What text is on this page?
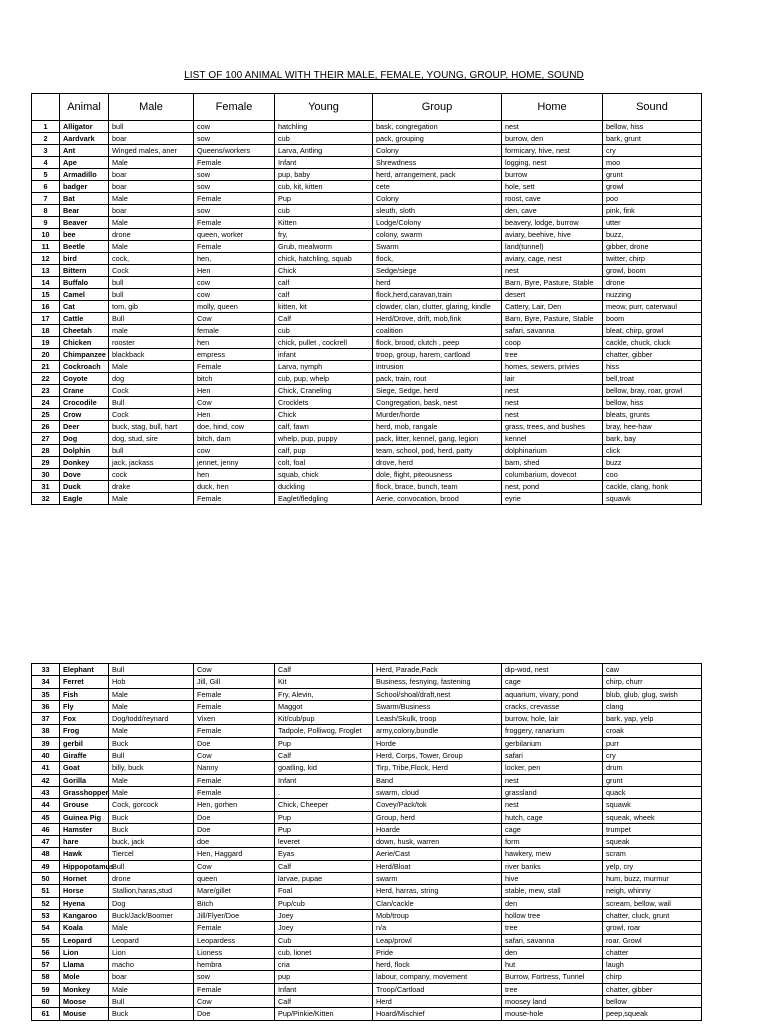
LIST OF 100 ANIMAL WITH THEIR MALE, FEMALE, YOUNG, GROUP, HOME, SOUND
	Animal	Male	Female	Young	Group	Home	Sound
1	Alligator	bull	cow	hatchling	bask, congregation	nest	bellow, hiss
2	Aardvark	boar	sow	cub	pack, grouping	burrow, den	bark, grunt
3	Ant	Winged males, aner	Queens/workers	Larva, Antling	Colony	formicary, hive, nest	cry
4	Ape	Male	Female	Infant	Shrewdness	logging, nest	moo
5	Armadillo	boar	sow	pup, baby	herd, arrangement, pack	burrow	grunt
6	badger	boar	sow	cub, kit, kitten	cete	hole, sett	growl
7	Bat	Male	Female	Pup	Colony	roost, cave	poo
8	Bear	boar	sow	cub	sleuth, sloth	den, cave	pink, fink
9	Beaver	Male	Female	Kitten	Lodge/Colony	beavery, lodge, burrow	utter
10	bee	drone	queen, worker	fry,	colony, swarm	aviary, beehive, hive	buzz,
11	Beetle	Male	Female	Grub, mealworm	Swarm	land(tunnel)	gibber, drone
12	bird	cock,	hen,	chick, hatchling, squab	flock,	aviary, cage, nest	twitter, chirp
13	Bittern	Cock	Hen	Chick	Sedge/siege	nest	growl, boom
14	Buffalo	bull	cow	calf	herd	Barn, Byre, Pasture, Stable	drone
15	Camel	bull	cow	calf	flock,herd,caravan,train	desert	nuzzing
16	Cat	tom, gib	molly, queen	kitten, kit	clowder, clan, clutter, glaring, kindle	Cattery, Lair, Den	meow, purr, caterwaul
17	Cattle	Bull	Cow	Calf	Herd/Drove, drift, mob,fink	Barn, Byre, Pasture, Stable	boom
18	Cheetah	male	female	cub	coalition	safari, savanna	bleat, chirp, growl
19	Chicken	rooster	hen	chick, pullet , cockrell	flock, brood, clutch , peep	coop	cackle, chuck, cluck
20	Chimpanzee	blackback	empress	infant	troop, group, harem, cartload	tree	chatter, gibber
21	Cockroach	Male	Female	Larva, nymph	intrusion	homes, sewers, privies	hiss
22	Coyote	dog	bitch	cub, pup, whelp	pack, train, rout	lair	bell,troat
23	Crane	Cock	Hen	Chick, Craneling	Siege, Sedge, herd	nest	bellow, bray, roar, growl
24	Crocodile	Bull	Cow	Crocklets	Congregation, bask, nest	nest	bellow, hiss
25	Crow	Cock	Hen	Chick	Murder/horde	nest	bleats, grunts
26	Deer	buck, stag, bull, hart	doe, hind, cow	calf, fawn	herd, mob, rangale	grass, trees, and bushes	bray, hee-haw
27	Dog	dog, stud, sire	bitch, dam	whelp, pup, puppy	pack, litter, kennel, gang, legion	kennel	bark, bay
28	Dolphin	bull	cow	calf, pup	team, school, pod, herd, party	dolphinarium	click
29	Donkey	jack, jackass	jennet, jenny	colt, foal	drove, herd	barn, shed	buzz
30	Dove	cock	hen	squab, chick	dole, flight, piteousness	columbarium, dovecot	coo
31	Duck	drake	duck, hen	duckling	flock, brace, bunch, team	nest, pond	cackle, clang, honk
32	Eagle	Male	Female	Eaglet/fledgling	Aerie, convocation, brood	eyrie	squawk
33	Elephant	Bull	Cow	Calf	Herd, Parade,Pack	dip-wod, nest	caw
34	Ferret	Hob	Jill, Gill	Kit	Business, fesnying, fastening	cage	chirp, churr
35	Fish	Male	Female	Fry, Alevin,	School/shoal/draft,nest	aquarium, vivary, pond	blub, glub, glug, swish
36	Fly	Male	Female	Maggot	Swarm/Business	cracks, crevasse	clang
37	Fox	Dog/todd/reynard	Vixen	Kit/cub/pup	Leash/Skulk, troop	burrow, hole, lair	bark, yap, yelp
38	Frog	Male	Female	Tadpole, Polliwog, Froglet	army,colony,bundle	froggery, ranarium	croak
39	gerbil	Buck	Doe	Pup	Horde	gerbilarium	purr
40	Giraffe	Bull	Cow	Calf	Herd, Corps, Tower, Group	safari	cry
41	Goat	billy, buck	Nanny	goatling, kid	Tirp, Tribe,Flock, Herd	locker, pen	drum
42	Gorilla	Male	Female	Infant	Band	nest	grunt
43	Grasshopper	Male	Female	.	swarm, cloud	grassland	quack
44	Grouse	Cock, gorcock	Hen, gorhen	Chick, Cheeper	Covey/Pack/tok	nest	squawk
45	Guinea Pig	Buck	Doe	Pup	Group, herd	hutch, cage	squeak, wheek
46	Hamster	Buck	Doe	Pup	Hoarde	cage	trumpet
47	hare	buck, jack	doe	leveret	down, husk, warren	form	squeak
48	Hawk	Tiercel	Hen, Haggard	Eyas	Aerie/Cast	hawkery, mew	scram
49	Hippopotamus	Bull	Cow	Calf	Herd/Bloat	river banks	yelp, cry
50	Hornet	drone	queen	larvae, pupae	swarm	hive	hum, buzz, murmur
51	Horse	Stallion,haras,stud	Mare/gillet	Foal	Herd, harras, string	stable, mew, stall	neigh, whinny
52	Hyena	Dog	Bitch	Pup/cub	Clan/cackle	den	scream, bellow, wail
53	Kangaroo	Buck/Jack/Boomer	Jill/Flyer/Doe	Joey	Mob/troup	hollow tree	chatter, cluck, grunt
54	Koala	Male	Female	Joey	n/a	tree	growl, roar
55	Leopard	Leopard	Leopardess	Cub	Leap/prowl	safari, savanna	roar. Growl
56	Lion	Lion	Lioness	cub, lionet	Pride	den	chatter
57	Llama	macho	hembra	cria	herd, flock	hut	laugh
58	Mole	boar	sow	pup	labour, company, movement	Burrow, Fortress, Tunnel	chirp
59	Monkey	Male	Female	Infant	Troop/Cartload	tree	chatter, gibber
60	Moose	Bull	Cow	Calf	Herd	moosey land	bellow
61	Mouse	Buck	Doe	Pup/Pinkie/Kitten	Hoard/Mischief	mouse-hole	peep,squeak
